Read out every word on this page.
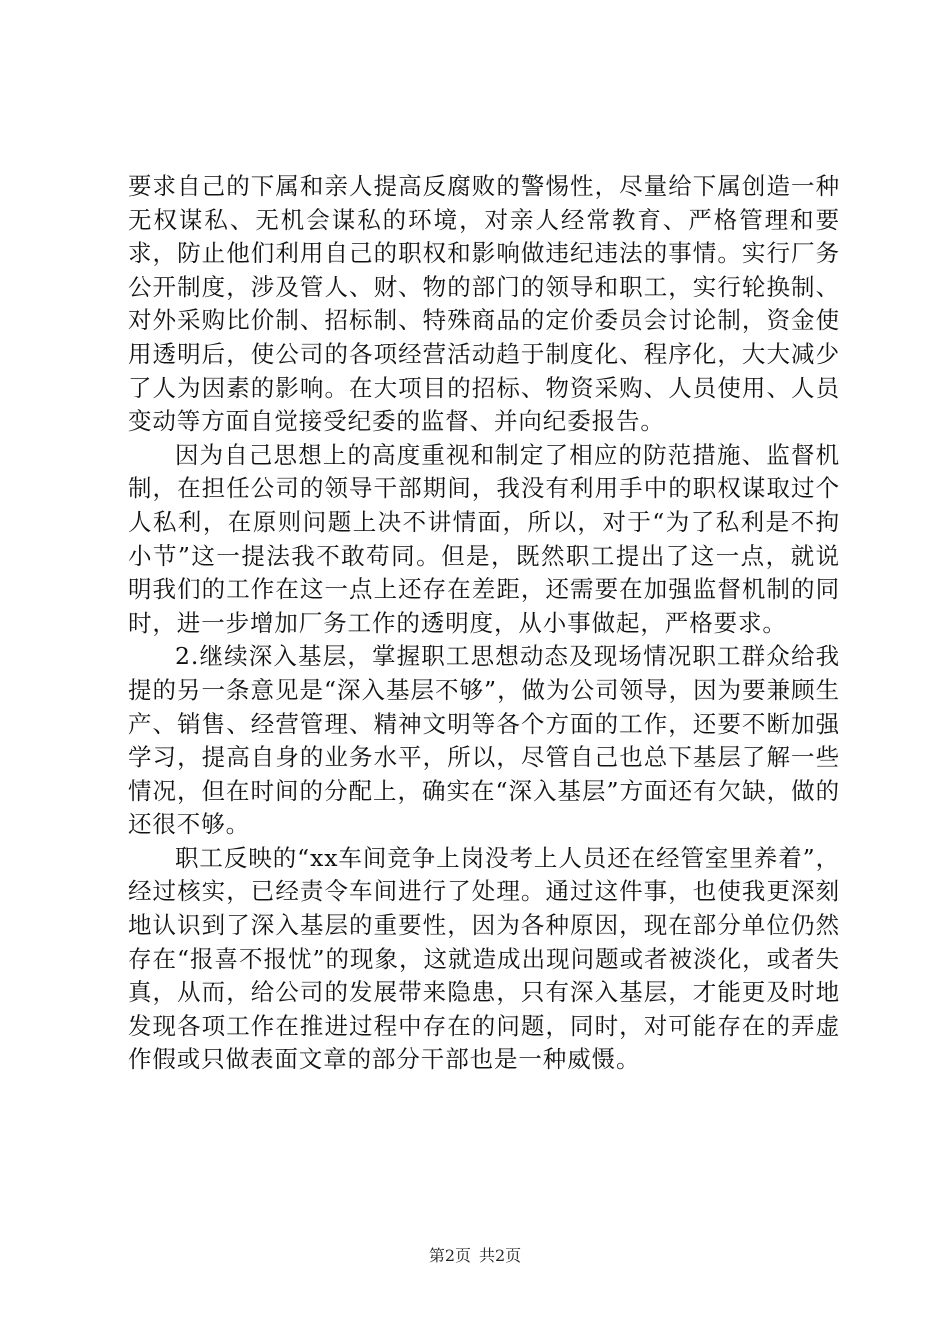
要求自己的下属和亲人提高反腐败的警惕性，尽量给下属创造一种无权谋私、无机会谋私的环境，对亲人经常教育、严格管理和要求，防止他们利用自己的职权和影响做违纪违法的事情。实行厂务公开制度，涉及管人、财、物的部门的领导和职工，实行轮换制、对外采购比价制、招标制、特殊商品的定价委员会讨论制，资金使用透明后，使公司的各项经营活动趋于制度化、程序化，大大减少了人为因素的影响。在大项目的招标、物资采购、人员使用、人员变动等方面自觉接受纪委的监督、并向纪委报告。

因为自己思想上的高度重视和制定了相应的防范措施、监督机制，在担任公司的领导干部期间，我没有利用手中的职权谋取过个人私利，在原则问题上决不讲情面，所以，对于“为了私利是不拘小节”这一提法我不敢苟同。但是，既然职工提出了这一点，就说明我们的工作在这一点上还存在差距，还需要在加强监督机制的同时，进一步增加厂务工作的透明度，从小事做起，严格要求。

2.继续深入基层，掌握职工思想动态及现场情况职工群众给我提的另一条意见是“深入基层不够”，做为公司领导，因为要兼顾生产、销售、经营管理、精神文明等各个方面的工作，还要不断加强学习，提高自身的业务水平，所以，尽管自己也总下基层了解一些情况，但在时间的分配上，确实在“深入基层”方面还有欠缺，做的还很不够。

职工反映的“xx车间竞争上岗没考上人员还在经管室里养着”，经过核实，已经责令车间进行了处理。通过这件事，也使我更深刻地认识到了深入基层的重要性，因为各种原因，现在部分单位仍然存在“报喜不报忧”的现象，这就造成出现问题或者被淡化，或者失真，从而，给公司的发展带来隐患，只有深入基层，才能更及时地发现各项工作在推进过程中存在的问题，同时，对可能存在的弄虚作假或只做表面文章的部分干部也是一种威慑。

第2页 共2页
